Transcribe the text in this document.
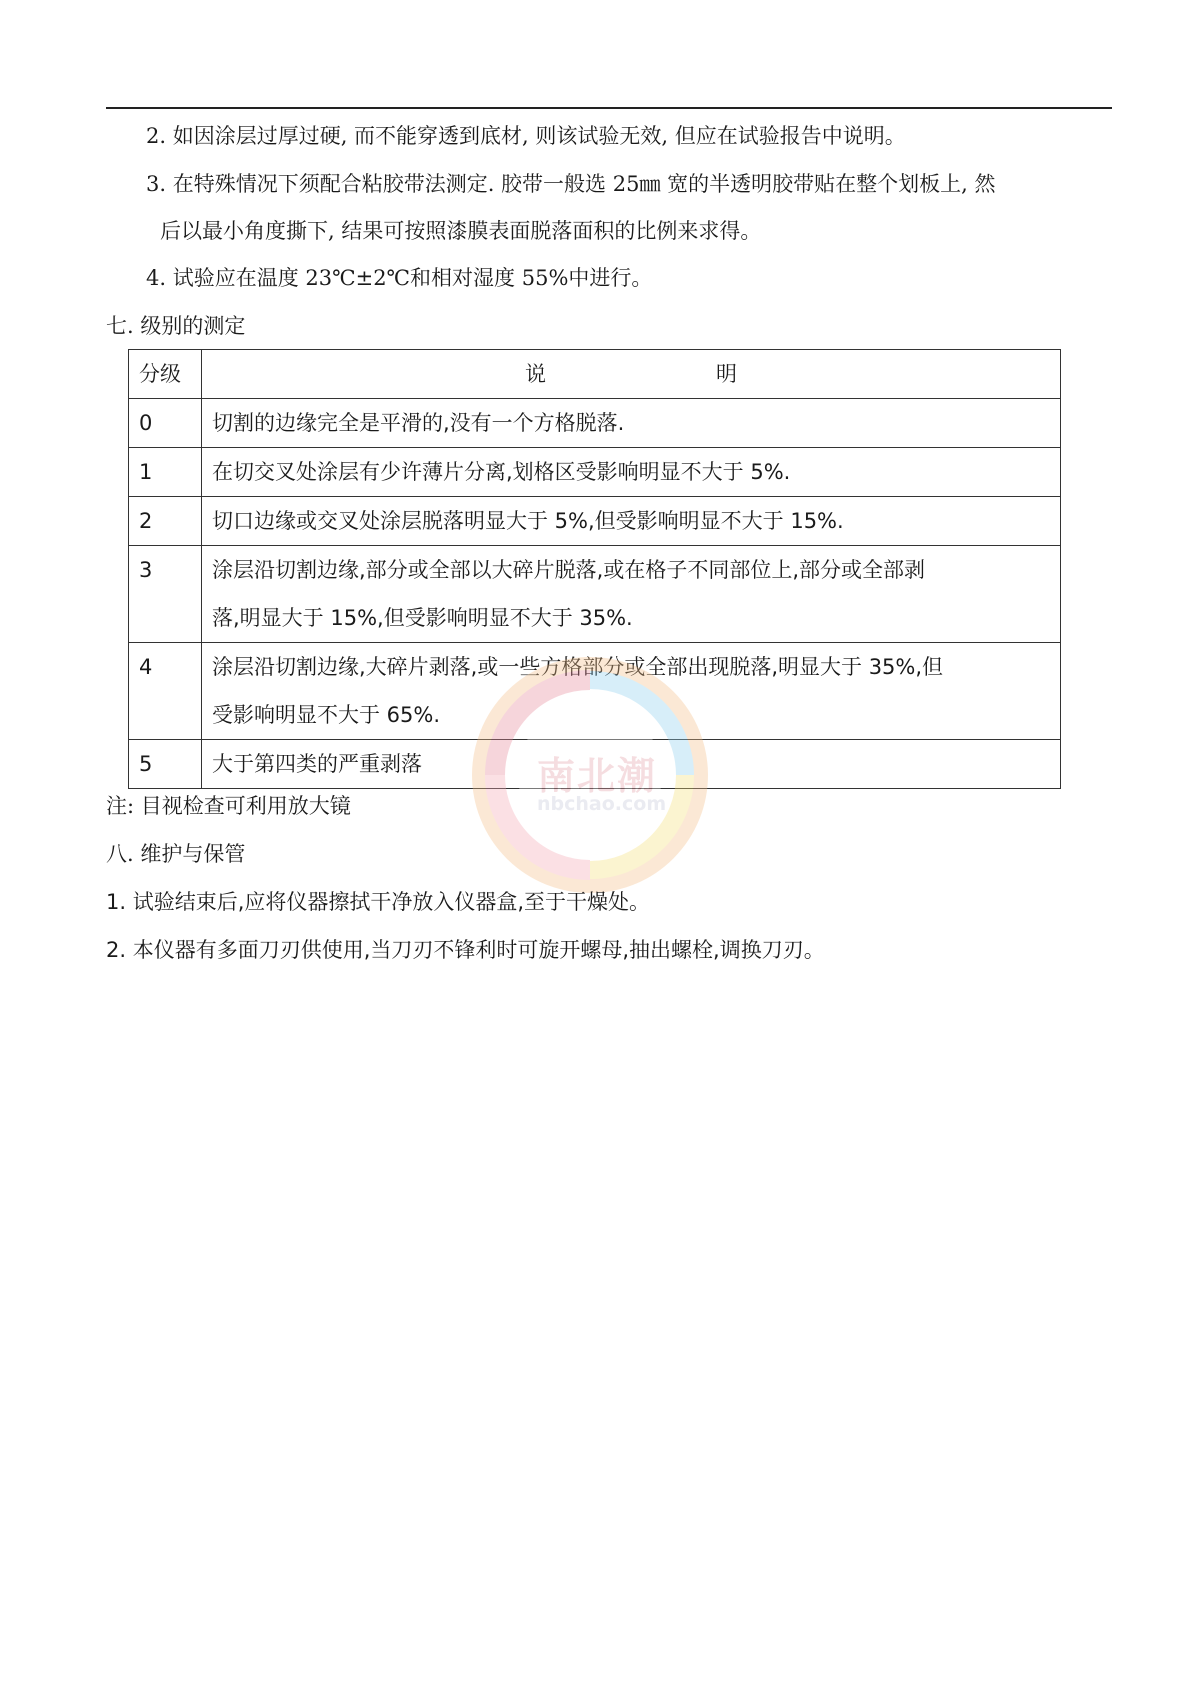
2. 如因涂层过厚过硬, 而不能穿透到底材, 则该试验无效, 但应在试验报告中说明。
3. 在特殊情况下须配合粘胶带法测定. 胶带一般选 25㎜ 宽的半透明胶带贴在整个划板上, 然
后以最小角度撕下, 结果可按照漆膜表面脱落面积的比例来求得。
4. 试验应在温度 23℃±2℃和相对湿度 55%中进行。
七. 级别的测定
分级	说 明
0	切割的边缘完全是平滑的,没有一个方格脱落.

1	在切交叉处涂层有少许薄片分离,划格区受影响明显不大于 5%.

2	切口边缘或交叉处涂层脱落明显大于 5%,但受影响明显不大于 15%.

3	涂层沿切割边缘,部分或全部以大碎片脱落,或在格子不同部位上,部分或全部剥
落,明显大于 15%,但受影响明显不大于 35%.

4	涂层沿切割边缘,大碎片剥落,或一些方格部分或全部出现脱落,明显大于 35%,但
受影响明显不大于 65%.

5	大于第四类的严重剥落	南北潮
nbchao.com
注: 目视检查可利用放大镜
八. 维护与保管
1. 试验结束后,应将仪器擦拭干净放入仪器盒,至于干燥处。
2. 本仪器有多面刀刃供使用,当刀刃不锋利时可旋开螺母,抽出螺栓,调换刀刃。
